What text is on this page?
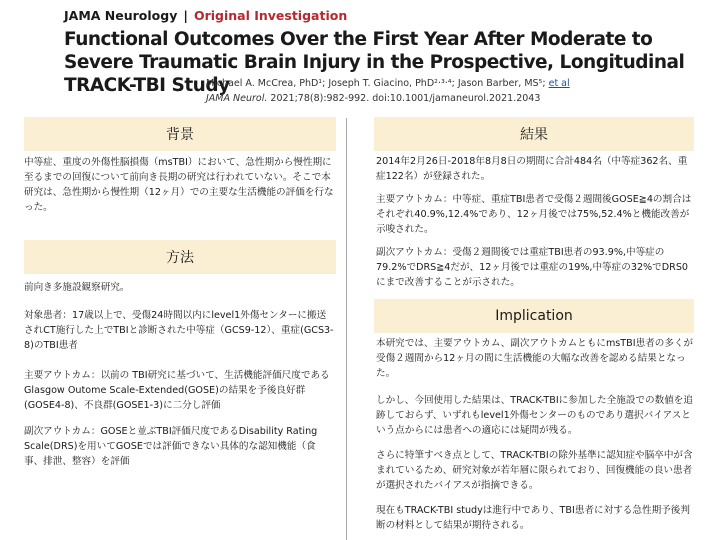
JAMA Neurology | Original Investigation
Functional Outcomes Over the First Year After Moderate to Severe Traumatic Brain Injury in the Prospective, Longitudinal TRACK-TBI Study
Michael A. McCrea, PhD¹; Joseph T. Giacino, PhD²·³·⁴; Jason Barber, MS⁵; et al
JAMA Neurol. 2021;78(8):982-992. doi:10.1001/jamaneurol.2021.2043
背景

中等症、重度の外傷性脳損傷（msTBI）において、急性期から慢性期に至るまでの回復について前向き長期の研究は行われていない。そこで本研究は、急性期から慢性期（12ヶ月）での主要な生活機能の評価を行なった。

方法

前向き多施設観察研究。

対象患者：17歳以上で、受傷24時間以内にlevel1外傷センターに搬送されCT施行した上でTBIと診断された中等症（GCS9-12）、重症(GCS3-8)のTBI患者

主要アウトカム：以前の TBI研究に基づいて、生活機能評価尺度であるGlasgow Outome Scale-Extended(GOSE)の結果を予後良好群(GOSE4-8)、不良群(GOSE1-3)に二分し評価

副次アウトカム：GOSEと並ぶTBI評価尺度であるDisability Rating Scale(DRS)を用いてGOSEでは評価できない具体的な認知機能（食事、排泄、整容）を評価

結果

2014年2月26日-2018年8月8日の期間に合計484名（中等症362名、重症122名）が登録された。

主要アウトカム：中等症、重症TBI患者で受傷２週間後GOSE≧4の割合はそれぞれ40.9%,12.4%であり、12ヶ月後では75%,52.4%と機能改善が示唆された。

副次アウトカム：受傷２週間後では重症TBI患者の93.9%,中等症の79.2%でDRS≧4だが、12ヶ月後では重症の19%,中等症の32%でDRS0にまで改善することが示された。

Implication

本研究では、主要アウトカム、副次アウトカムともにmsTBI患者の多くが受傷２週間から12ヶ月の間に生活機能の大幅な改善を認める結果となった。

しかし、今回使用した結果は、TRACK-TBIに参加した全施設での数値を追跡しておらず、いずれもlevel1外傷センターのものであり選択バイアスという点からには患者への適応には疑問が残る。

さらに特筆すべき点として、TRACK-TBIの除外基準に認知症や脳卒中が含まれているため、研究対象が若年層に限られており、回復機能の良い患者が選択されたバイアスが指摘できる。

現在もTRACK-TBI studyは進行中であり、TBI患者に対する急性期予後判断の材料として結果が期待される。
